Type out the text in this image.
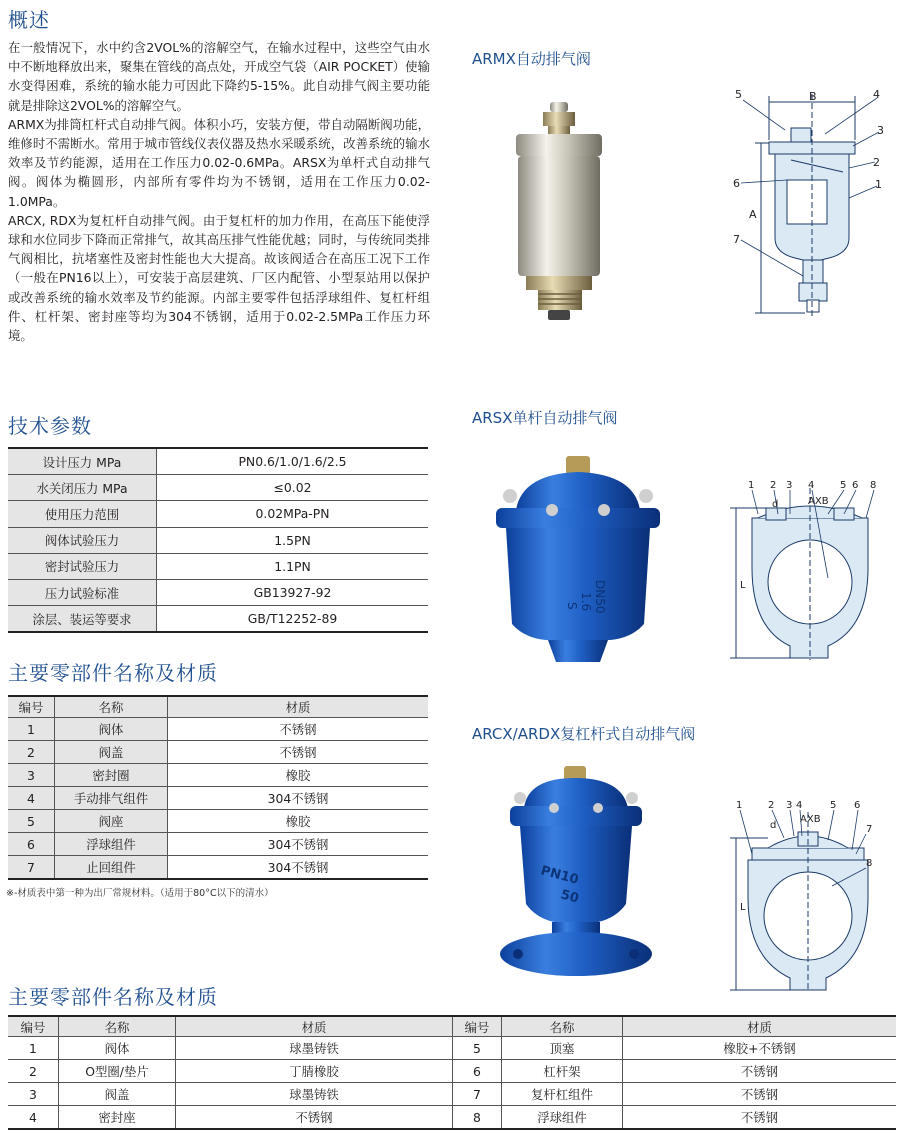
概述

在一般情况下，水中约含2VOL%的溶解空气，在输水过程中，这些空气由水中不断地释放出来，聚集在管线的高点处，开成空气袋（AIR POCKET）使输水变得困难，系统的输水能力可因此下降约5-15%。此自动排气阀主要功能就是排除这2VOL%的溶解空气。

ARMX为排筒杠杆式自动排气阀。体积小巧，安装方便，带自动隔断阀功能，维修时不需断水。常用于城市管线仪表仪器及热水采暖系统，改善系统的输水效率及节约能源，适用在工作压力0.02-0.6MPa。ARSX为单杆式自动排气阀。阀体为椭圆形，内部所有零件均为不锈钢，适用在工作压力0.02-1.0MPa。

ARCX, RDX为复杠杆自动排气阀。由于复杠杆的加力作用，在高压下能使浮球和水位同步下降而正常排气，故其高压排气性能优越；同时，与传统同类排气阀相比，抗堵塞性及密封性能也大大提高。故该阀适合在高压工况下工作（一般在PN16以上），可安装于高层建筑、厂区内配管、小型泵站用以保护或改善系统的输水效率及节约能源。内部主要零件包括浮球组件、复杠杆组件、杠杆架、密封座等均为304不锈钢，适用于0.02-2.5MPa工作压力环境。

技术参数
设计压力 MPa	PN0.6/1.0/1.6/2.5
水关闭压力 MPa	≤0.02
使用压力范围	0.02MPa-PN
阀体试验压力	1.5PN
密封试验压力	1.1PN
压力试验标准	GB13927-92
涂层、装运等要求	GB/T12252-89
主要零部件名称及材质
编号	名称	材质
1	阀体	不锈钢
2	阀盖	不锈钢
3	密封圈	橡胶
4	手动排气组件	304不锈钢
5	阀座	橡胶
6	浮球组件	304不锈钢
7	止回组件	304不锈钢
※-材质表中第一种为出厂常规材料。（适用于80°C以下的清水）
主要零部件名称及材质
编号	名称	材质	编号	名称	材质
1	阀体	球墨铸铁	5	顶塞	橡胶+不锈钢
2	O型圈/垫片	丁腈橡胶	6	杠杆架	不锈钢
3	阀盖	球墨铸铁	7	复杆杠组件	不锈钢
4	密封座	不锈钢	8	浮球组件	不锈钢
ARMX自动排气阀
ARSX单杆自动排气阀
ARCX/ARDX复杠杆式自动排气阀
B
A
5	4
3
2
6	1
7
DN50
1.6
S
1 2 3 4	5 6 8
d	AXB
L
PN10
50
1	2 3 4	5 6
7
8
d
AXB
L
